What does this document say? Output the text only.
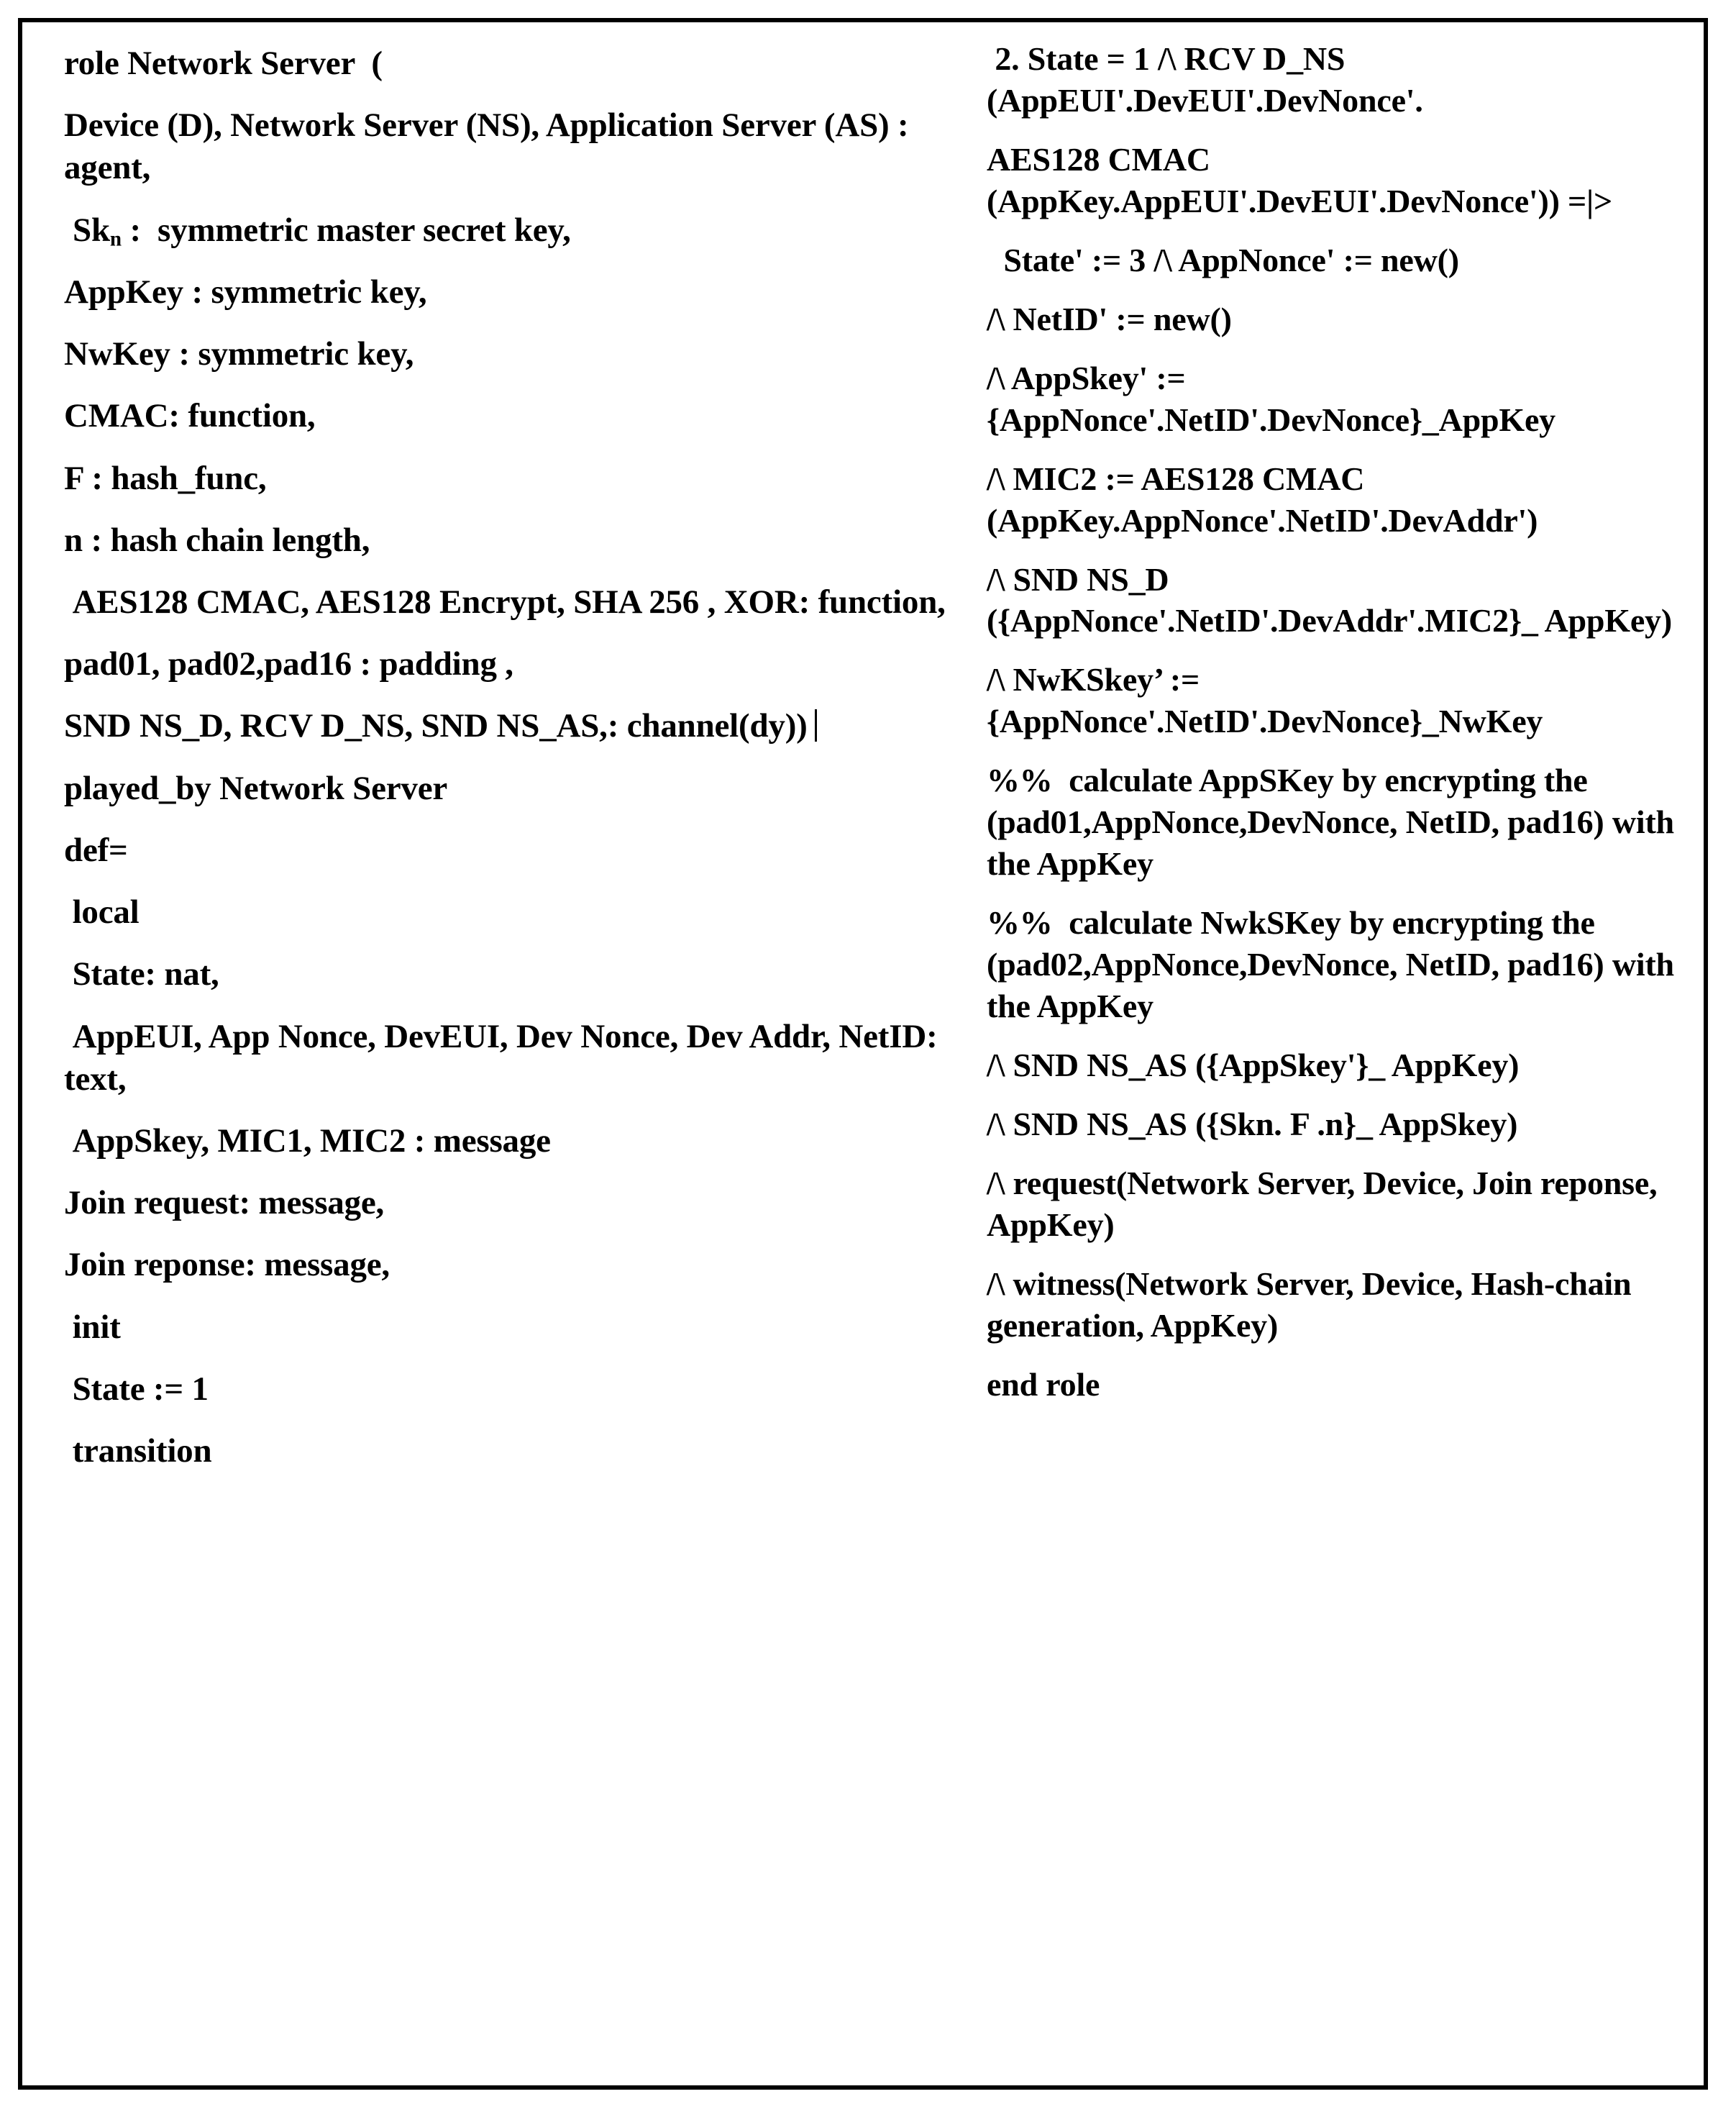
role Network Server  (
Device (D), Network Server (NS), Application Server (AS) : agent,
$Sk_n$ :  symmetric master secret key,
AppKey : symmetric key,
NwKey : symmetric key,
CMAC: function,
F : hash_func,
n : hash chain length,
AES128 CMAC, AES128 Encrypt, SHA 256 , XOR: function,
pad01, pad02,pad16 : padding ,
SND NS_D, RCV D_NS, SND NS_AS,: channel(dy))
played_by Network Server
def=
local
State: nat,
AppEUI, App Nonce, DevEUI, Dev Nonce, Dev Addr, NetID: text,
AppSkey, MIC1, MIC2 : message
Join request: message,
Join reponse: message,
init
State := 1
transition
2. State = 1 /\ RCV D_NS (AppEUI'.DevEUI'.DevNonce'.
AES128 CMAC (AppKey.AppEUI'.DevEUI'.DevNonce')) =|>
State' := 3 /\ AppNonce' := new()
/\ NetID' := new()
/\ AppSkey' := {AppNonce'.NetID'.DevNonce}_AppKey
/\ MIC2 := AES128 CMAC (AppKey.AppNonce'.NetID'.DevAddr')
/\ SND NS_D ({AppNonce'.NetID'.DevAddr'.MIC2}_ AppKey)
/\ NwKSkey’ := {AppNonce'.NetID'.DevNonce}_NwKey
%%  calculate AppSKey by encrypting the (pad01,AppNonce,DevNonce, NetID, pad16) with the AppKey
%%  calculate NwkSKey by encrypting the (pad02,AppNonce,DevNonce, NetID, pad16) with the AppKey
/\ SND NS_AS ({AppSkey'}_ AppKey)
/\ SND NS_AS ({Skn. F .n}_ AppSkey)
/\ request(Network Server, Device, Join reponse, AppKey)
/\ witness(Network Server, Device, Hash-chain generation, AppKey)
end role
